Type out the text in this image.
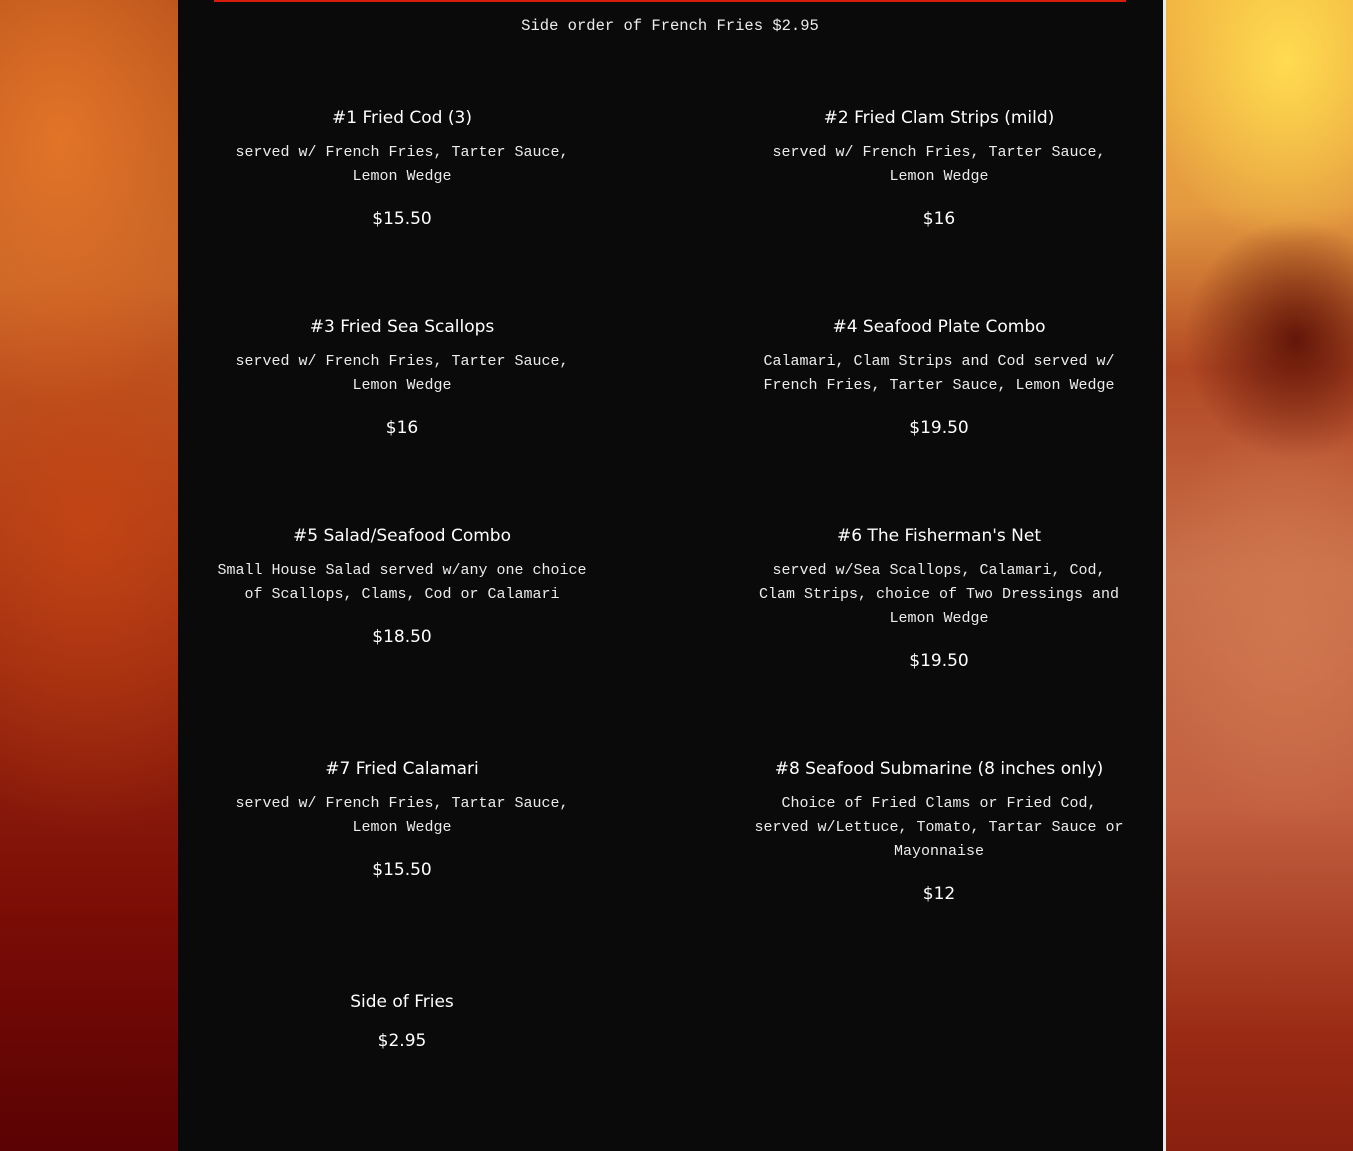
Side order of French Fries $2.95
#1 Fried Cod (3)
served w/ French Fries, Tarter Sauce,
Lemon Wedge
$15.50
#2 Fried Clam Strips (mild)
served w/ French Fries, Tarter Sauce,
Lemon Wedge
$16
#3 Fried Sea Scallops
served w/ French Fries, Tarter Sauce,
Lemon Wedge
$16
#4 Seafood Plate Combo
Calamari, Clam Strips and Cod served w/
French Fries, Tarter Sauce, Lemon Wedge
$19.50
#5 Salad/Seafood Combo
Small House Salad served w/any one choice
of Scallops, Clams, Cod or Calamari
$18.50
#6 The Fisherman's Net
served w/Sea Scallops, Calamari, Cod,
Clam Strips, choice of Two Dressings and
Lemon Wedge
$19.50
#7 Fried Calamari
served w/ French Fries, Tartar Sauce,
Lemon Wedge
$15.50
#8 Seafood Submarine (8 inches only)
Choice of Fried Clams or Fried Cod,
served w/Lettuce, Tomato, Tartar Sauce or
Mayonnaise
$12
Side of Fries
$2.95
